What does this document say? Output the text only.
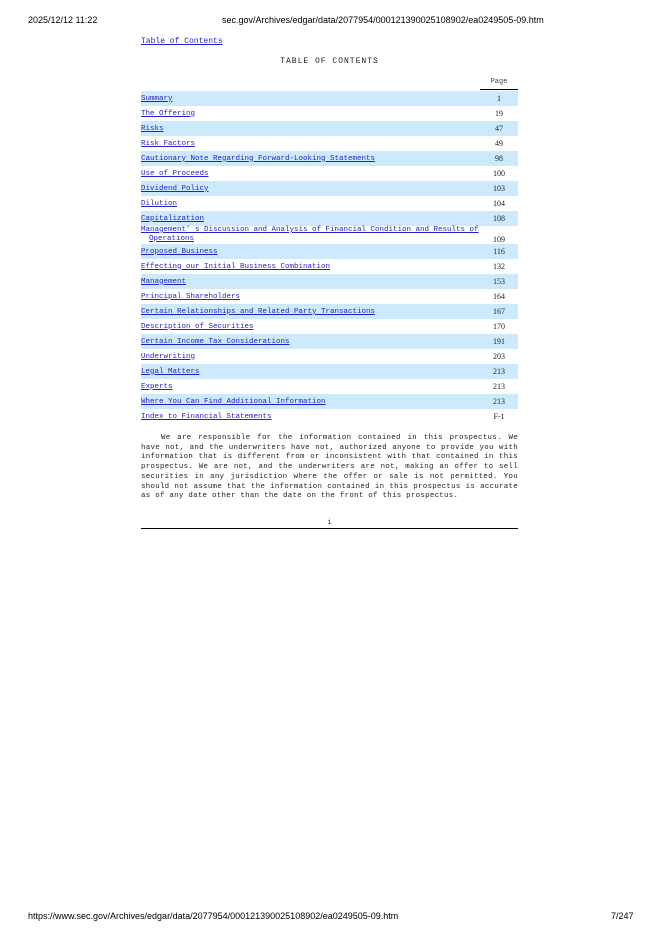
2025/12/12 11:22	sec.gov/Archives/edgar/data/2077954/000121390025108902/ea0249505-09.htm
Table of Contents
TABLE OF CONTENTS
Page
Summary	1
The Offering	19
Risks	47
Risk Factors	49
Cautionary Note Regarding Forward-Looking Statements	98
Use of Proceeds	100
Dividend Policy	103
Dilution	104
Capitalization	108
Management’ s Discussion and Analysis of Financial Condition and Results of
Operations	109
Proposed Business	116
Effecting our Initial Business Combination	132
Management	153
Principal Shareholders	164
Certain Relationships and Related Party Transactions	167
Description of Securities	170
Certain Income Tax Considerations	191
Underwriting	203
Legal Matters	213
Experts	213
Where You Can Find Additional Information	213
Index to Financial Statements	F-1
We are responsible for the information contained in this prospectus. We have not, and the underwriters have not, authorized anyone to provide you with information that is different from or inconsistent with that contained in this prospectus. We are not, and the underwriters are not, making an offer to sell securities in any jurisdiction where the offer or sale is not permitted. You should not assume that the information contained in this prospectus is accurate as of any date other than the date on the front of this prospectus.
i
https://www.sec.gov/Archives/edgar/data/2077954/000121390025108902/ea0249505-09.htm	7/247
